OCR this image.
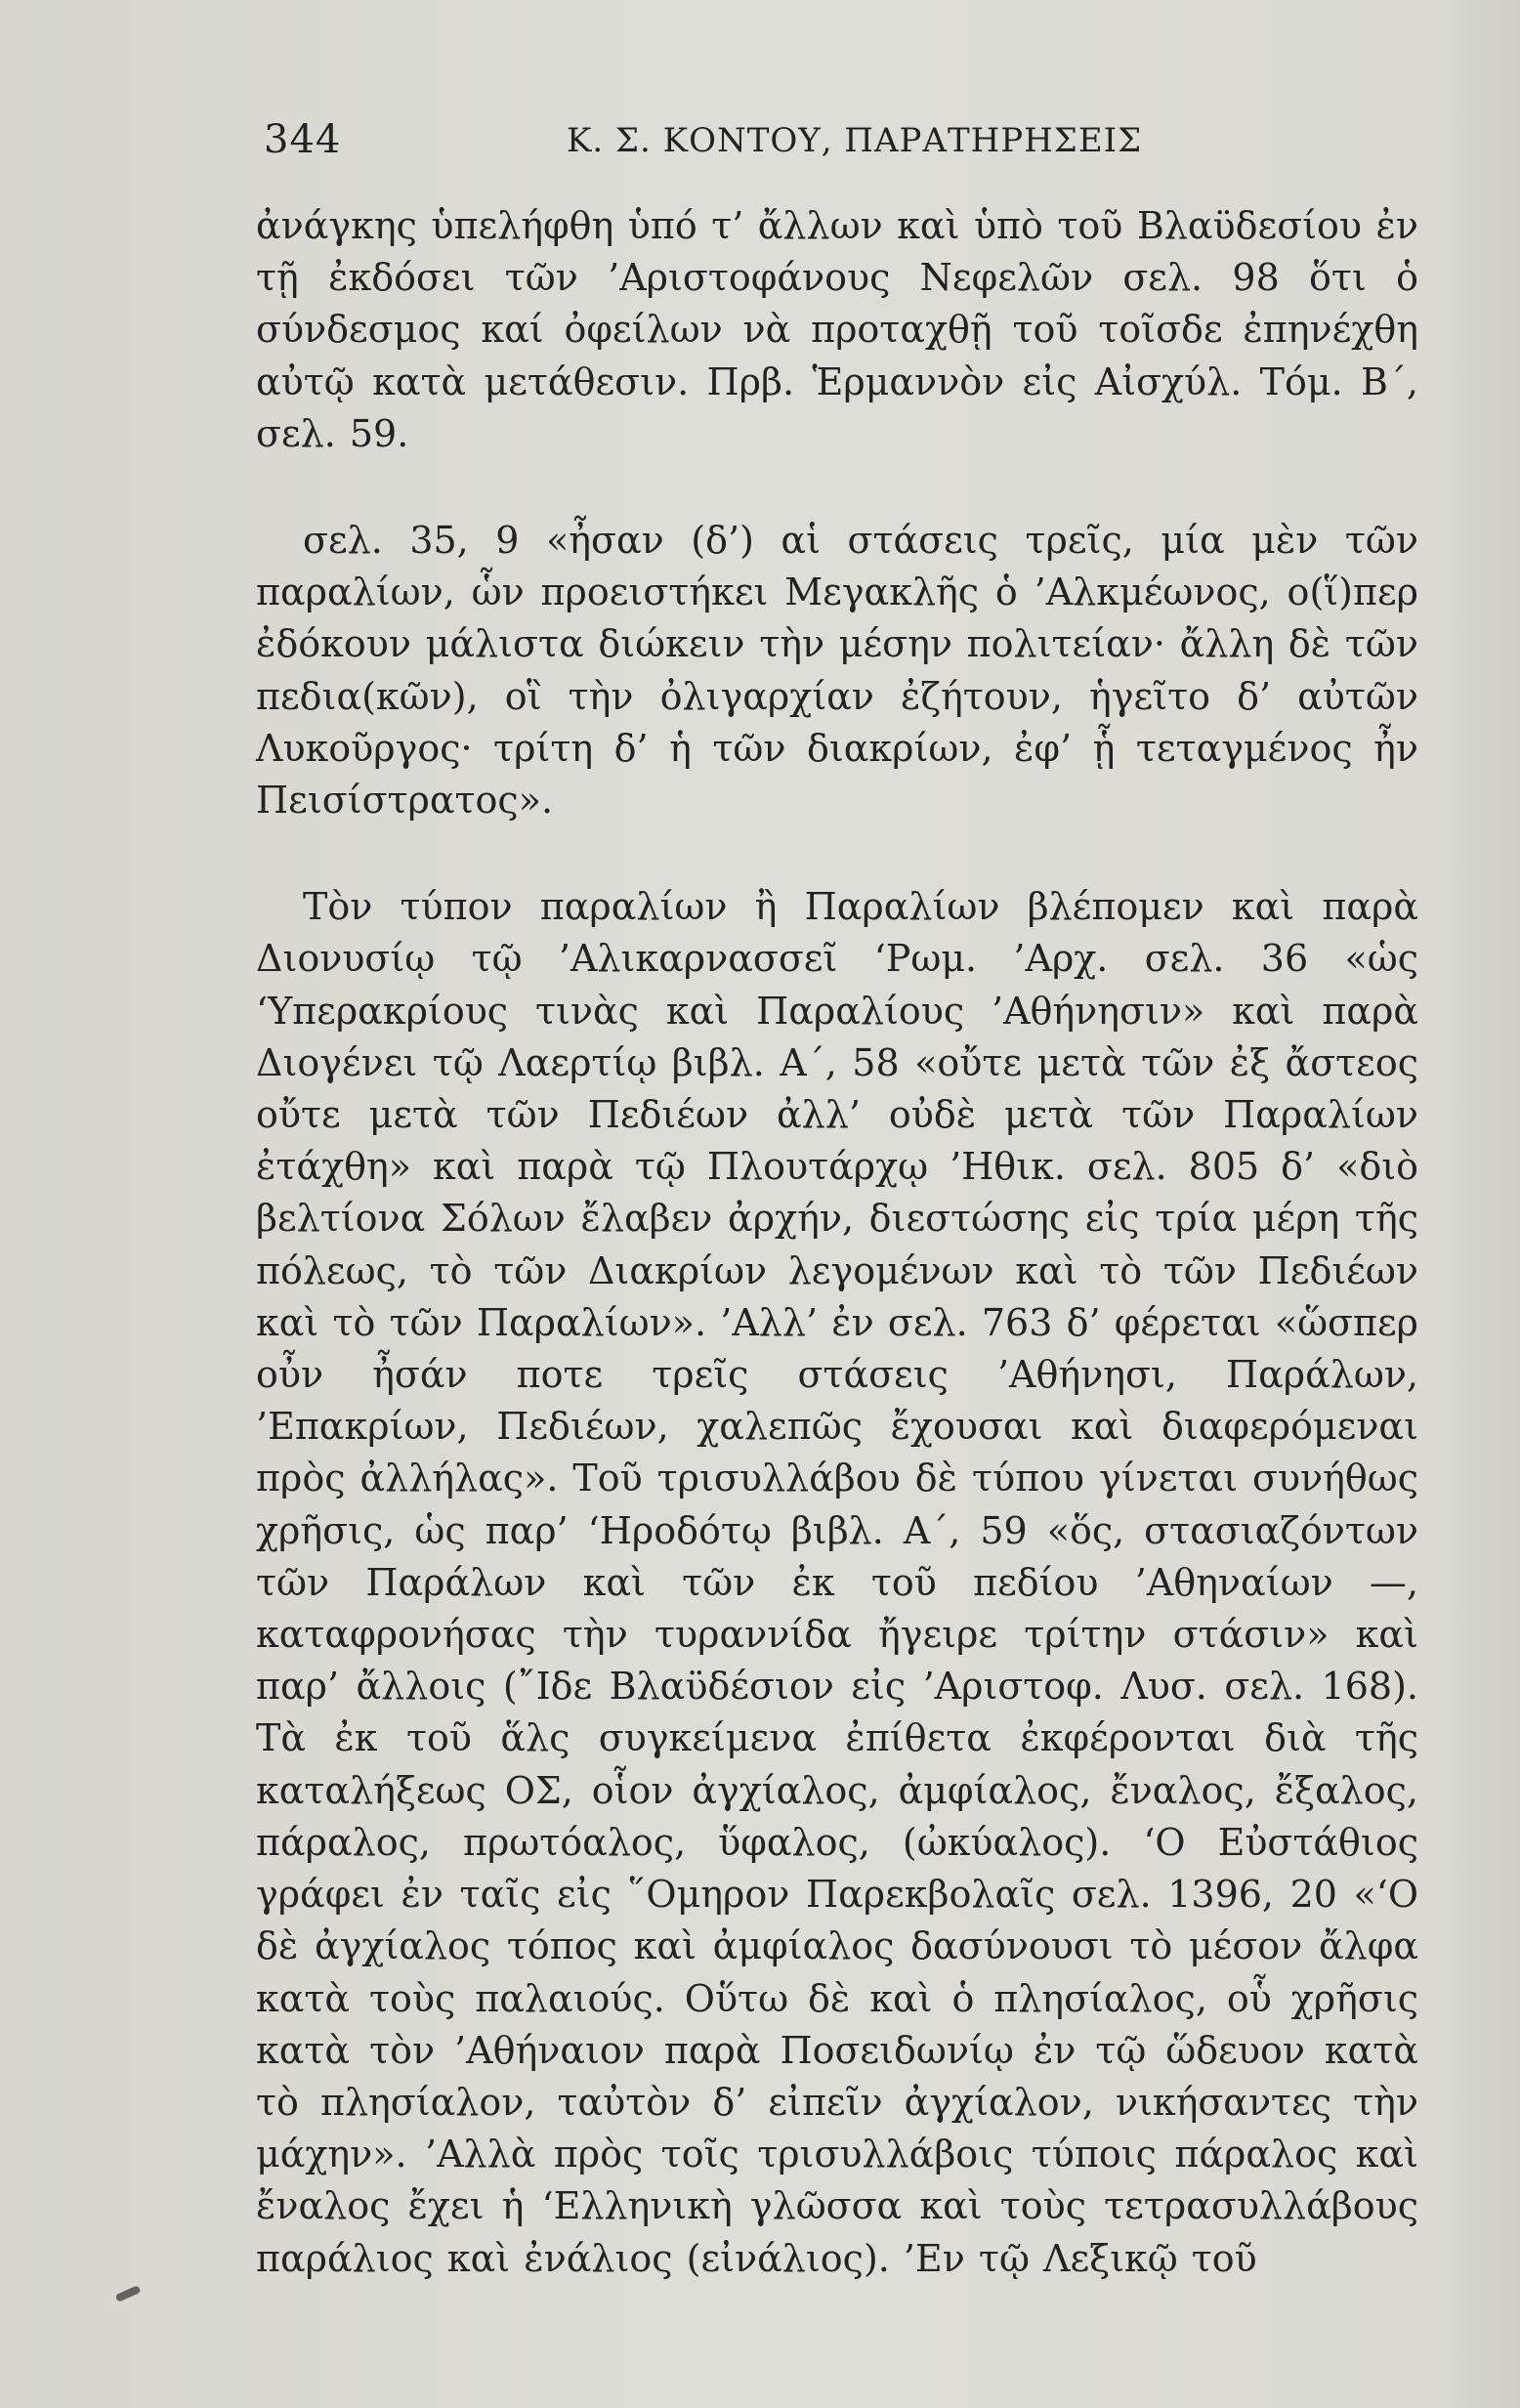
344	Κ. Σ. ΚΟΝΤΟΥ, ΠΑΡΑΤΗΡΗΣΕΙΣ

ἀνάγκης ὑπελήφθη ὑπό τ’ ἄλλων καὶ ὑπὸ τοῦ Βλαϋδεσίου ἐν τῇ ἐκδόσει τῶν ’Αριστοφάνους Νεφελῶν σελ. 98 ὅτι ὁ σύνδεσμος καί ὀφείλων νὰ προταχθῇ τοῦ τοῖσδε ἐπηνέχθη αὐτῷ κατὰ μετάθεσιν. Πρβ. Ἑρμαννὸν εἰς Αἰσχύλ. Τόμ. Β΄, σελ. 59.

σελ. 35, 9 «ἦσαν (δ’) αἱ στάσεις τρεῖς, μία μὲν τῶν παραλίων, ὧν προειστήκει Μεγακλῆς ὁ ’Αλκμέωνος, ο(ἵ)περ ἐδόκουν μάλιστα διώκειν τὴν μέσην πολιτείαν· ἄλλη δὲ τῶν πεδια(κῶν), οἳ τὴν ὀλιγαρχίαν ἐζήτουν, ἡγεῖτο δ’ αὐτῶν Λυκοῦργος· τρίτη δ’ ἡ τῶν διακρίων, ἐφ’ ᾗ τεταγμένος ἦν Πεισίστρατος».

Τὸν τύπον παραλίων ἢ Παραλίων βλέπομεν καὶ παρὰ Διονυσίῳ τῷ ’Αλικαρνασσεῖ ‘Ρωμ. ’Αρχ. σελ. 36 «ὡς ‘Υπερακρίους τινὰς καὶ Παραλίους ’Αθήνησιν» καὶ παρὰ Διογένει τῷ Λαερτίῳ βιβλ. Α΄, 58 «οὔτε μετὰ τῶν ἐξ ἄστεος οὔτε μετὰ τῶν Πεδιέων ἀλλ’ οὐδὲ μετὰ τῶν Παραλίων ἐτάχθη» καὶ παρὰ τῷ Πλουτάρχῳ ’Ηθικ. σελ. 805 δ’ «διὸ βελτίονα Σόλων ἔλαβεν ἀρχήν, διεστώσης εἰς τρία μέρη τῆς πόλεως, τὸ τῶν Διακρίων λεγομένων καὶ τὸ τῶν Πεδιέων καὶ τὸ τῶν Παραλίων». ’Αλλ’ ἐν σελ. 763 δ’ φέρεται «ὥσπερ οὖν ἦσάν ποτε τρεῖς στάσεις ’Αθήνησι, Παράλων, ’Επακρίων, Πεδιέων, χαλεπῶς ἔχουσαι καὶ διαφερόμεναι πρὸς ἀλλήλας». Τοῦ τρισυλλάβου δὲ τύπου γίνεται συνήθως χρῆσις, ὡς παρ’ ‘Ηροδότῳ βιβλ. Α΄, 59 «ὅς, στασιαζόντων τῶν Παράλων καὶ τῶν ἐκ τοῦ πεδίου ’Αθηναίων —, καταφρονήσας τὴν τυραννίδα ἤγειρε τρίτην στάσιν» καὶ παρ’ ἄλλοις (῎Ιδε Βλαϋδέσιον εἰς ’Αριστοφ. Λυσ. σελ. 168). Τὰ ἐκ τοῦ ἅλς συγκείμενα ἐπίθετα ἐκφέρονται διὰ τῆς καταλήξεως ΟΣ, οἷον ἀγχίαλος, ἀμφίαλος, ἔναλος, ἔξαλος, πάραλος, πρωτόαλος, ὕφαλος, (ὠκύαλος). ‘Ο Εὐστάθιος γράφει ἐν ταῖς εἰς ῞Ομηρον Παρεκβολαῖς σελ. 1396, 20 «‘Ο δὲ ἀγχίαλος τόπος καὶ ἀμφίαλος δασύνουσι τὸ μέσον ἄλφα κατὰ τοὺς παλαιούς. Οὕτω δὲ καὶ ὁ πλησίαλος, οὗ χρῆσις κατὰ τὸν ’Αθήναιον παρὰ Ποσειδωνίῳ ἐν τῷ ὥδευον κατὰ τὸ πλησίαλον, ταὐτὸν δ’ εἰπεῖν ἀγχίαλον, νικήσαντες τὴν μάχην». ’Αλλὰ πρὸς τοῖς τρισυλλάβοις τύποις πάραλος καὶ ἔναλος ἔχει ἡ ‘Ελληνικὴ γλῶσσα καὶ τοὺς τετρασυλλάβους παράλιος καὶ ἐνάλιος (εἰνάλιος). ’Εν τῷ Λεξικῷ τοῦ
